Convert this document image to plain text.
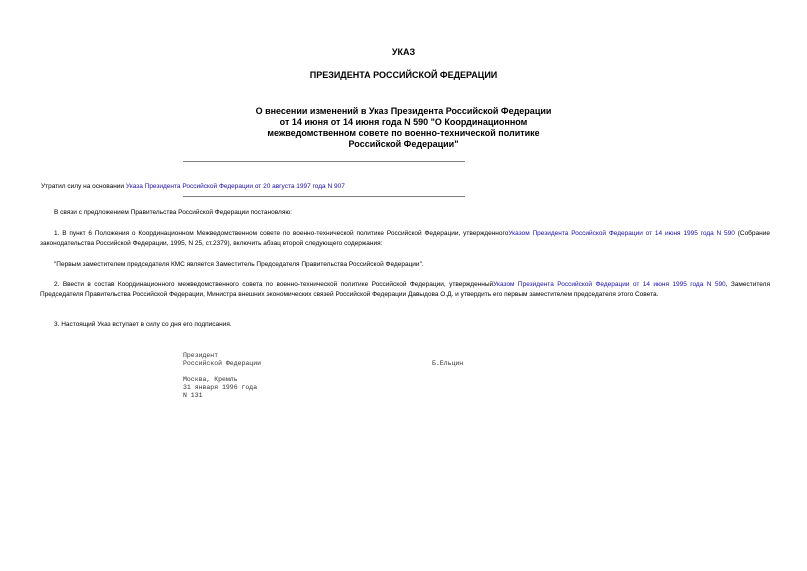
УКАЗ
ПРЕЗИДЕНТА РОССИЙСКОЙ ФЕДЕРАЦИИ
О внесении изменений в Указ Президента Российской Федерации
от 14 июня от 14 июня года N 590 "О Координационном
межведомственном совете по военно-технической политике
Российской Федерации"
Утратил силу на основании Указа Президента Российской Федерации от 20 августа 1997 года N 907
В связи с предложением Правительства Российской Федерации постановляю:
1. В пункт 6 Положения о Координационном Межведомственном совете по военно-технической политике Российской Федерации, утвержденногоУказом Президента Российской Федерации от 14 июня 1995 года N 590 (Собрание законодательства Российской Федерации, 1995, N 25, ст.2379), включить абзац второй следующего содержания:
"Первым заместителем председателя КМС является Заместитель Председателя Правительства Российской Федерации".
2. Ввести в состав Координационного межведомственного совета по военно-технической политике Российской Федерации, утвержденныйУказом Президента Российской Федерации от 14 июня 1995 года N 590, Заместителя Председателя Правительства Российской Федерации, Министра внешних экономических связей Российской Федерации Давыдова О.Д. и утвердить его первым заместителем председателя этого Совета.
3. Настоящий Указ вступает в силу со дня его подписания.
Президент
Российской Федерации	Б.Ельцин
Москва, Кремль
31 января 1996 года
N 131
